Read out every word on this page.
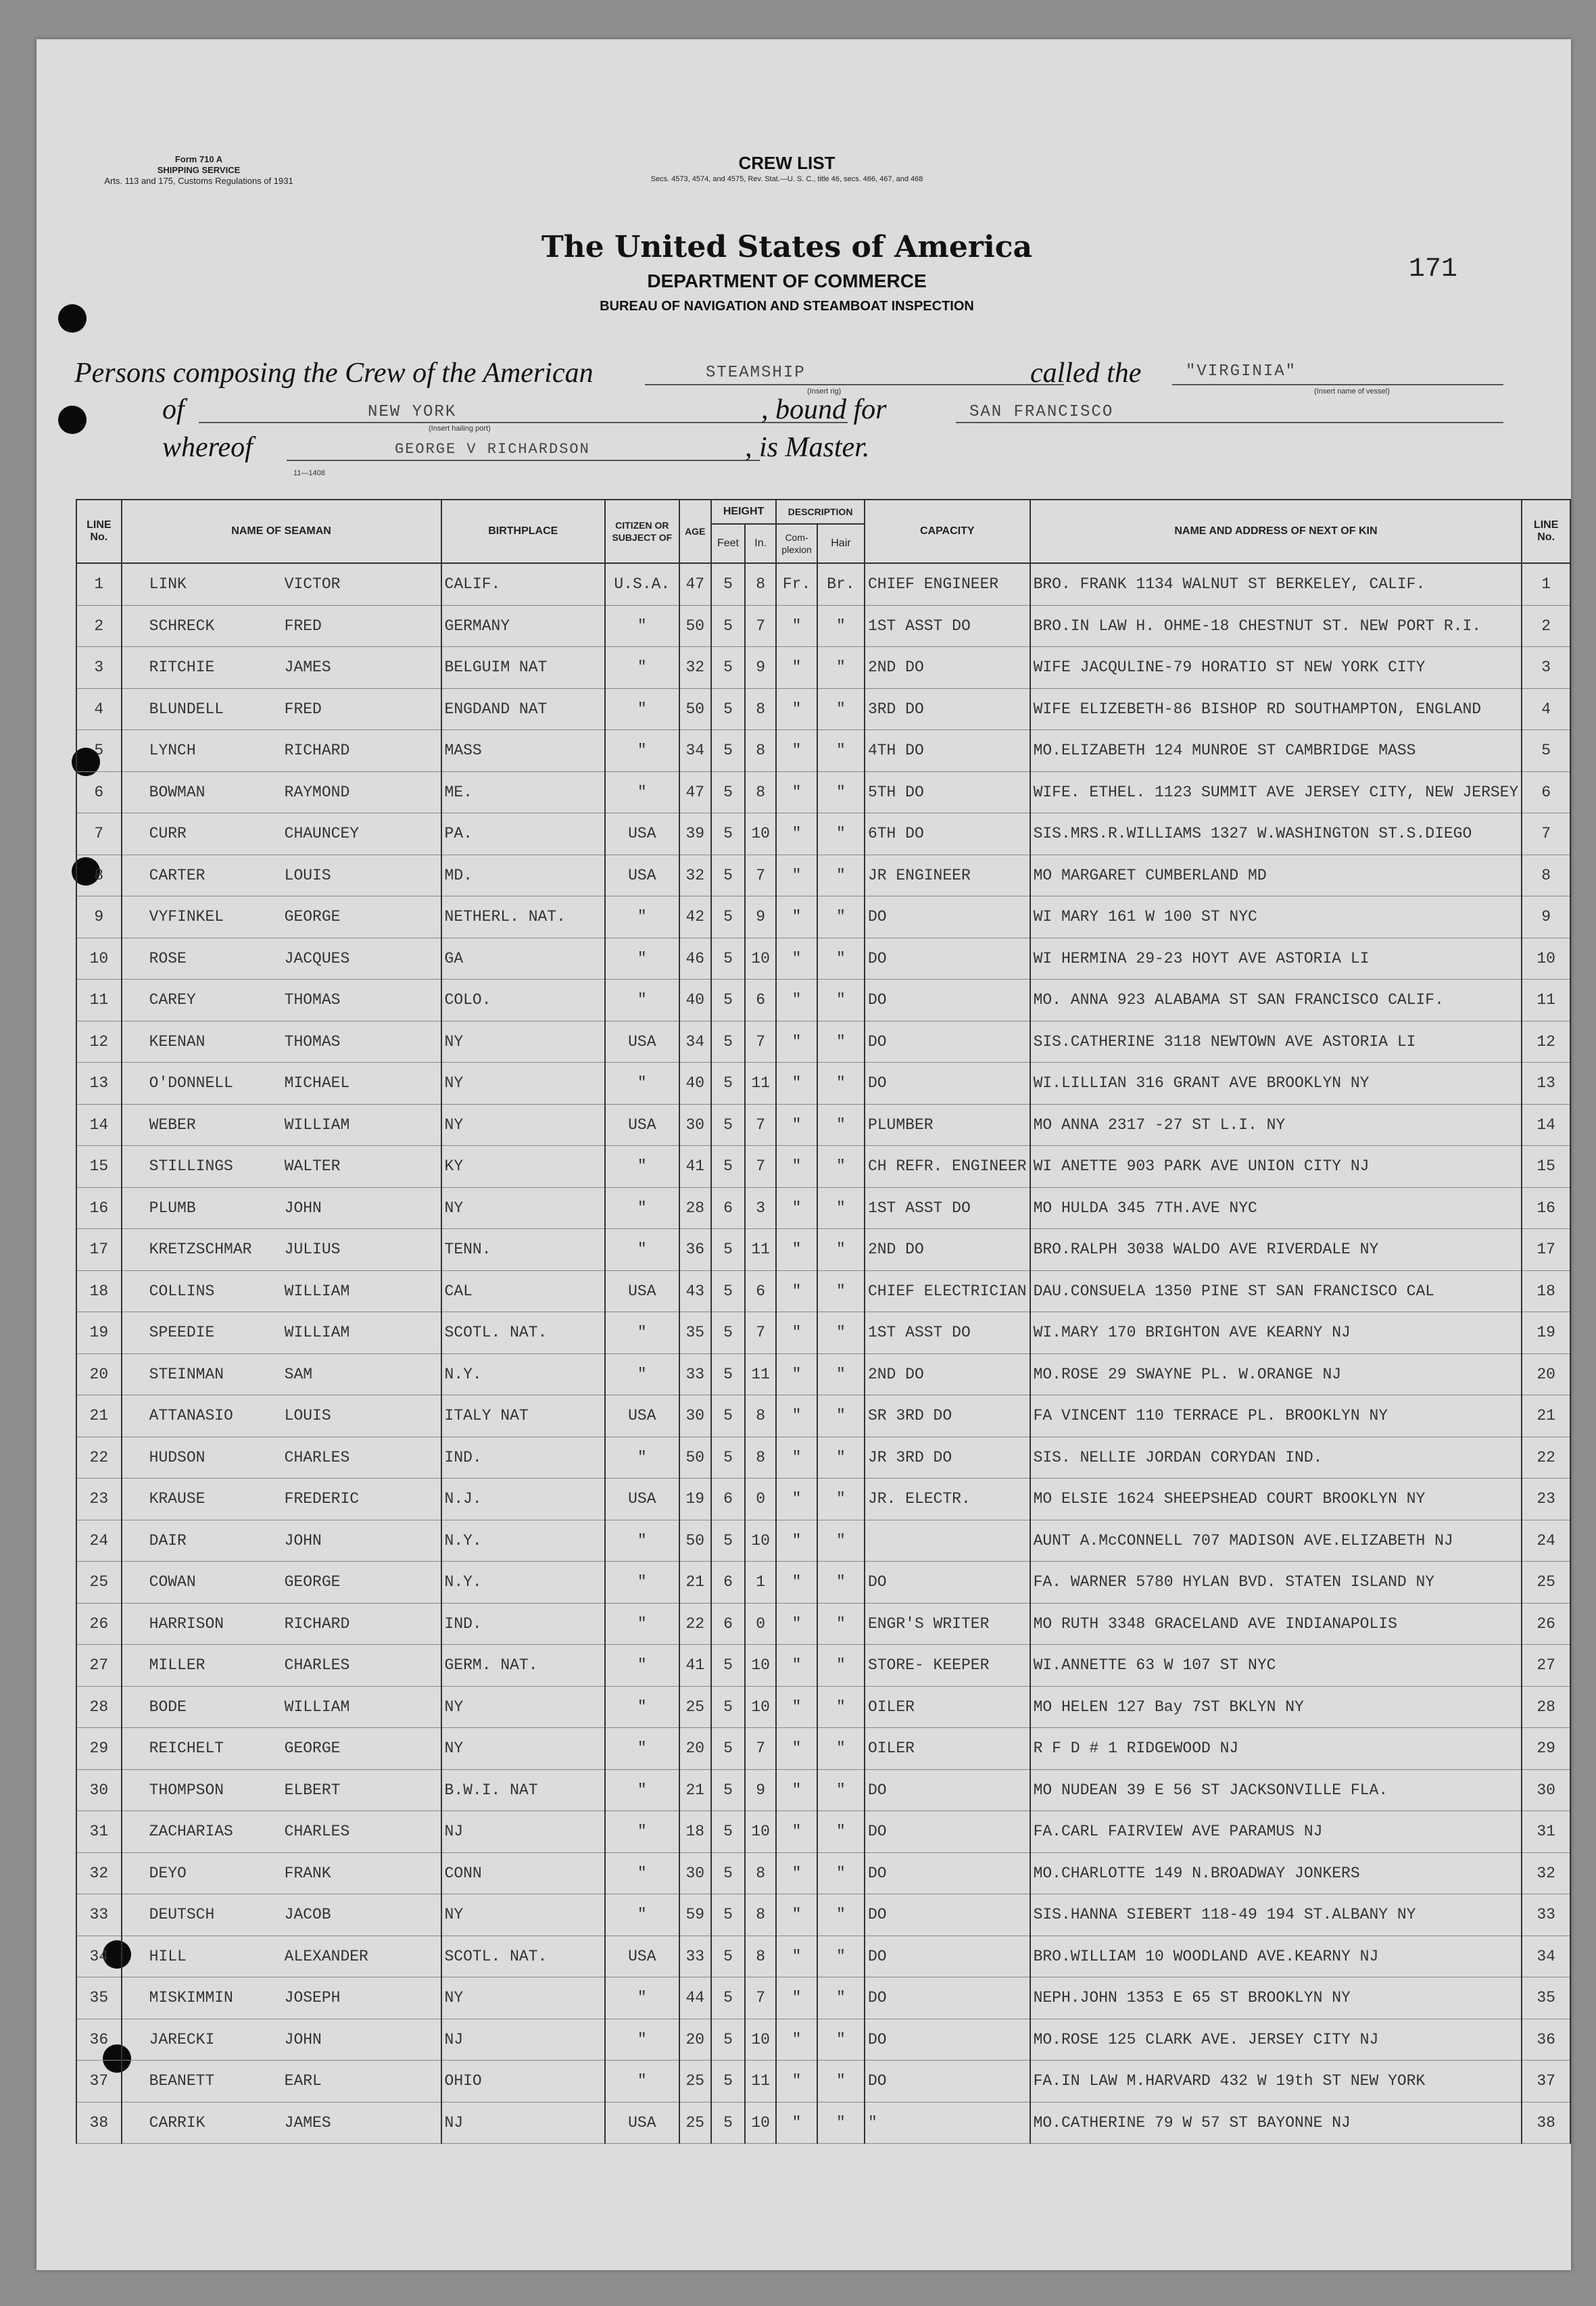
Form 710 A
SHIPPING SERVICE
Arts. 113 and 175, Customs Regulations of 1931
CREW LIST
Secs. 4573, 4574, and 4575, Rev. Stat.—U. S. C., title 46, secs. 466, 467, and 468
The United States of America
DEPARTMENT OF COMMERCE
BUREAU OF NAVIGATION AND STEAMBOAT INSPECTION
171
Persons composing the Crew of the American	STEAMSHIP
(Insert rig)
called the	"VIRGINIA"
(Insert name of vessel)
of	NEW YORK
(Insert hailing port)
, bound for	SAN FRANCISCO
whereof	GEORGE V RICHARDSON	, is Master.
11—1408
LINE No.	NAME OF SEAMAN	BIRTHPLACE	CITIZEN OR SUBJECT OF	AGE	HEIGHT		DESCRIPTION		CAPACITY	NAME AND ADDRESS OF NEXT OF KIN	LINE No.
					Feet	In.	Com- plexion	Hair			
1	LINK VICTOR	CALIF.	U.S.A.	47	5	8	Fr.	Br.	CHIEF ENGINEER	BRO. FRANK 1134 WALNUT ST BERKELEY, CALIF.	1
2	SCHRECK FRED	GERMANY	"	50	5	7	"	"	1ST ASST DO	BRO.IN LAW H. OHME-18 CHESTNUT ST. NEW PORT R.I.	2
3	RITCHIE JAMES	BELGUIM NAT	"	32	5	9	"	"	2ND DO	WIFE JACQULINE-79 HORATIO ST NEW YORK CITY	3
4	BLUNDELL FRED	ENGDAND NAT	"	50	5	8	"	"	3RD DO	WIFE ELIZEBETH-86 BISHOP RD SOUTHAMPTON, ENGLAND	4
5	LYNCH RICHARD	MASS	"	34	5	8	"	"	4TH DO	MO.ELIZABETH 124 MUNROE ST CAMBRIDGE MASS	5
6	BOWMAN RAYMOND	ME.	"	47	5	8	"	"	5TH DO	WIFE. ETHEL. 1123 SUMMIT AVE JERSEY CITY, NEW JERSEY	6
7	CURR CHAUNCEY	PA.	USA	39	5	10	"	"	6TH DO	SIS.MRS.R.WILLIAMS 1327 W.WASHINGTON ST.S.DIEGO	7
8	CARTER LOUIS	MD.	USA	32	5	7	"	"	JR ENGINEER	MO MARGARET CUMBERLAND MD	8
9	VYFINKEL GEORGE	NETHERL. NAT.	"	42	5	9	"	"	DO	WI MARY 161 W 100 ST NYC	9
10	ROSE JACQUES	GA	"	46	5	10	"	"	DO	WI HERMINA 29-23 HOYT AVE ASTORIA LI	10
11	CAREY THOMAS	COLO.	"	40	5	6	"	"	DO	MO. ANNA 923 ALABAMA ST SAN FRANCISCO CALIF.	11
12	KEENAN THOMAS	NY	USA	34	5	7	"	"	DO	SIS.CATHERINE 3118 NEWTOWN AVE ASTORIA LI	12
13	O'DONNELL MICHAEL	NY	"	40	5	11	"	"	DO	WI.LILLIAN 316 GRANT AVE BROOKLYN NY	13
14	WEBER WILLIAM	NY	USA	30	5	7	"	"	PLUMBER	MO ANNA 2317 -27 ST L.I. NY	14
15	STILLINGS WALTER	KY	"	41	5	7	"	"	CH REFR. ENGINEER	WI ANETTE 903 PARK AVE UNION CITY NJ	15
16	PLUMB JOHN	NY	"	28	6	3	"	"	1ST ASST DO	MO HULDA 345 7TH.AVE NYC	16
17	KRETZSCHMAR JULIUS	TENN.	"	36	5	11	"	"	2ND DO	BRO.RALPH 3038 WALDO AVE RIVERDALE NY	17
18	COLLINS WILLIAM	CAL	USA	43	5	6	"	"	CHIEF ELECTRICIAN	DAU.CONSUELA 1350 PINE ST SAN FRANCISCO CAL	18
19	SPEEDIE WILLIAM	SCOTL. NAT.	"	35	5	7	"	"	1ST ASST DO	WI.MARY 170 BRIGHTON AVE KEARNY NJ	19
20	STEINMAN SAM	N.Y.	"	33	5	11	"	"	2ND DO	MO.ROSE 29 SWAYNE PL. W.ORANGE NJ	20
21	ATTANASIO LOUIS	ITALY NAT	USA	30	5	8	"	"	SR 3RD DO	FA VINCENT 110 TERRACE PL. BROOKLYN NY	21
22	HUDSON CHARLES	IND.	"	50	5	8	"	"	JR 3RD DO	SIS. NELLIE JORDAN CORYDAN IND.	22
23	KRAUSE FREDERIC	N.J.	USA	19	6	0	"	"	JR. ELECTR.	MO ELSIE 1624 SHEEPSHEAD COURT BROOKLYN NY	23
24	DAIR JOHN	N.Y.	"	50	5	10	"	"		AUNT A.McCONNELL 707 MADISON AVE.ELIZABETH NJ	24
25	COWAN GEORGE	N.Y.	"	21	6	1	"	"	DO	FA. WARNER 5780 HYLAN BVD. STATEN ISLAND NY	25
26	HARRISON RICHARD	IND.	"	22	6	0	"	"	ENGR'S WRITER	MO RUTH 3348 GRACELAND AVE INDIANAPOLIS	26
27	MILLER CHARLES	GERM. NAT.	"	41	5	10	"	"	STORE- KEEPER	WI.ANNETTE 63 W 107 ST NYC	27
28	BODE WILLIAM	NY	"	25	5	10	"	"	OILER	MO HELEN 127 Bay 7ST BKLYN NY	28
29	REICHELT GEORGE	NY	"	20	5	7	"	"	OILER	R F D # 1 RIDGEWOOD NJ	29
30	THOMPSON ELBERT	B.W.I. NAT	"	21	5	9	"	"	DO	MO NUDEAN 39 E 56 ST JACKSONVILLE FLA.	30
31	ZACHARIAS CHARLES	NJ	"	18	5	10	"	"	DO	FA.CARL FAIRVIEW AVE PARAMUS NJ	31
32	DEYO FRANK	CONN	"	30	5	8	"	"	DO	MO.CHARLOTTE 149 N.BROADWAY JONKERS	32
33	DEUTSCH JACOB	NY	"	59	5	8	"	"	DO	SIS.HANNA SIEBERT 118-49 194 ST.ALBANY NY	33
34	HILL ALEXANDER	SCOTL. NAT.	USA	33	5	8	"	"	DO	BRO.WILLIAM 10 WOODLAND AVE.KEARNY NJ	34
35	MISKIMMIN JOSEPH	NY	"	44	5	7	"	"	DO	NEPH.JOHN 1353 E 65 ST BROOKLYN NY	35
36	JARECKI JOHN	NJ	"	20	5	10	"	"	DO	MO.ROSE 125 CLARK AVE. JERSEY CITY NJ	36
37	BEANETT EARL	OHIO	"	25	5	11	"	"	DO	FA.IN LAW M.HARVARD 432 W 19th ST NEW YORK	37
38	CARRIK JAMES	NJ	USA	25	5	10	"	"	"	MO.CATHERINE 79 W 57 ST BAYONNE NJ	38
